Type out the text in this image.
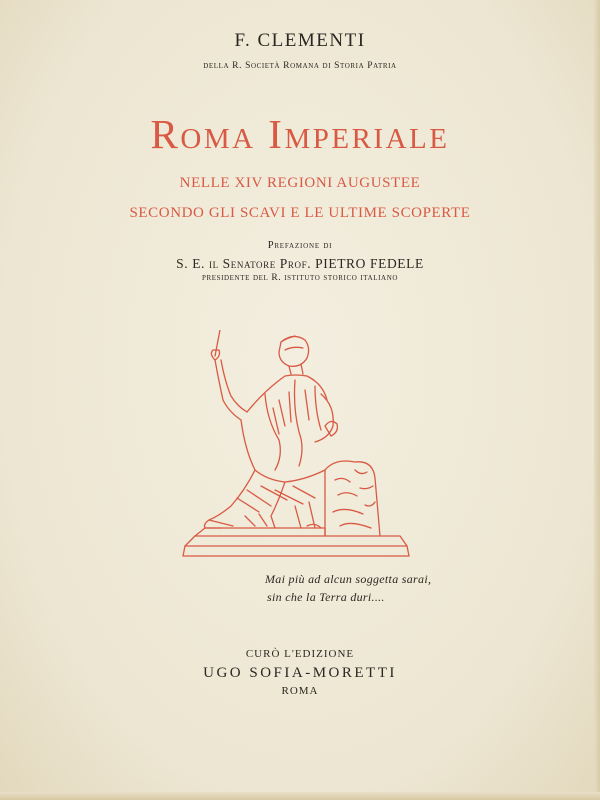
F. CLEMENTI
della R. Società Romana di Storia Patria
Roma Imperiale
NELLE XIV REGIONI AUGUSTEE
SECONDO GLI SCAVI E LE ULTIME SCOPERTE
Prefazione di
S. E. il Senatore Prof. PIETRO FEDELE
presidente del R. istituto storico italiano
Mai più ad alcun soggetta sarai,
sin che la Terra duri....
CURÒ L'EDIZIONE
UGO SOFIA-MORETTI
ROMA
